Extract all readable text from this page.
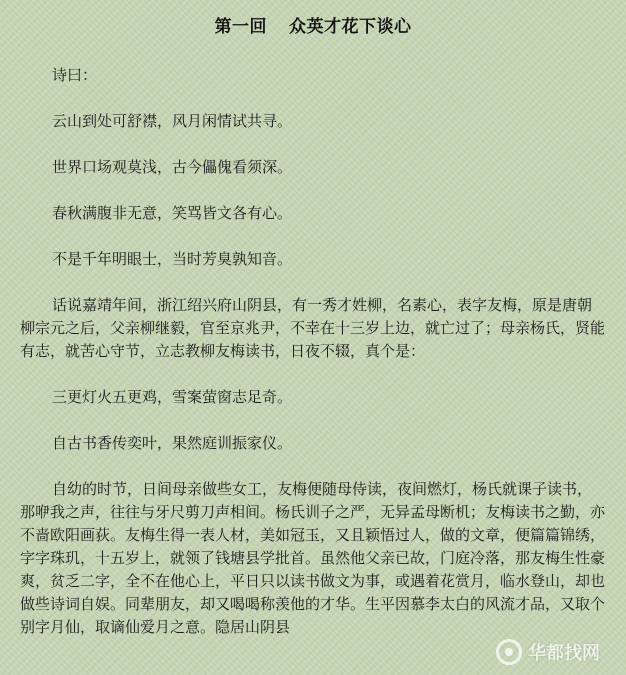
第一回 众英才花下谈心

诗曰：

云山到处可舒襟，风月闲情试共寻。

世界口场观莫浅，古今儡傀看须深。

春秋满腹非无意，笑骂皆文各有心。

不是千年明眼士，当时芳臭孰知音。

话说嘉靖年间，浙江绍兴府山阴县，有一秀才姓柳，名素心，表字友梅，原是唐朝柳宗元之后，父亲柳继毅，官至京兆尹，不幸在十三岁上边，就亡过了；母亲杨氏，贤能有志，就苦心守节，立志教柳友梅读书，日夜不辍，真个是：

三更灯火五更鸡，雪案萤窗志足奇。

自古书香传奕叶，果然庭训振家仪。

自幼的时节，日间母亲做些女工，友梅便随母侍读，夜间燃灯，杨氏就课子读书，那咿我之声，往往与牙尺剪刀声相间。杨氏训子之严，无异孟母断机；友梅读书之勤，亦不啬欧阳画荻。友梅生得一表人材，美如冠玉，又且颖悟过人，做的文章，便篇篇锦绣，字字珠玑，十五岁上，就领了钱塘县学批首。虽然他父亲已故，门庭冷落，那友梅生性豪爽，贫乏二字，全不在他心上，平日只以读书做文为事，或遇着花赏月，临水登山，却也做些诗词自娱。同辈朋友，却又喝喝称羡他的才华。生平因慕李太白的风流才品，又取个别字月仙，取谪仙爱月之意。隐居山阴县

华都找网
